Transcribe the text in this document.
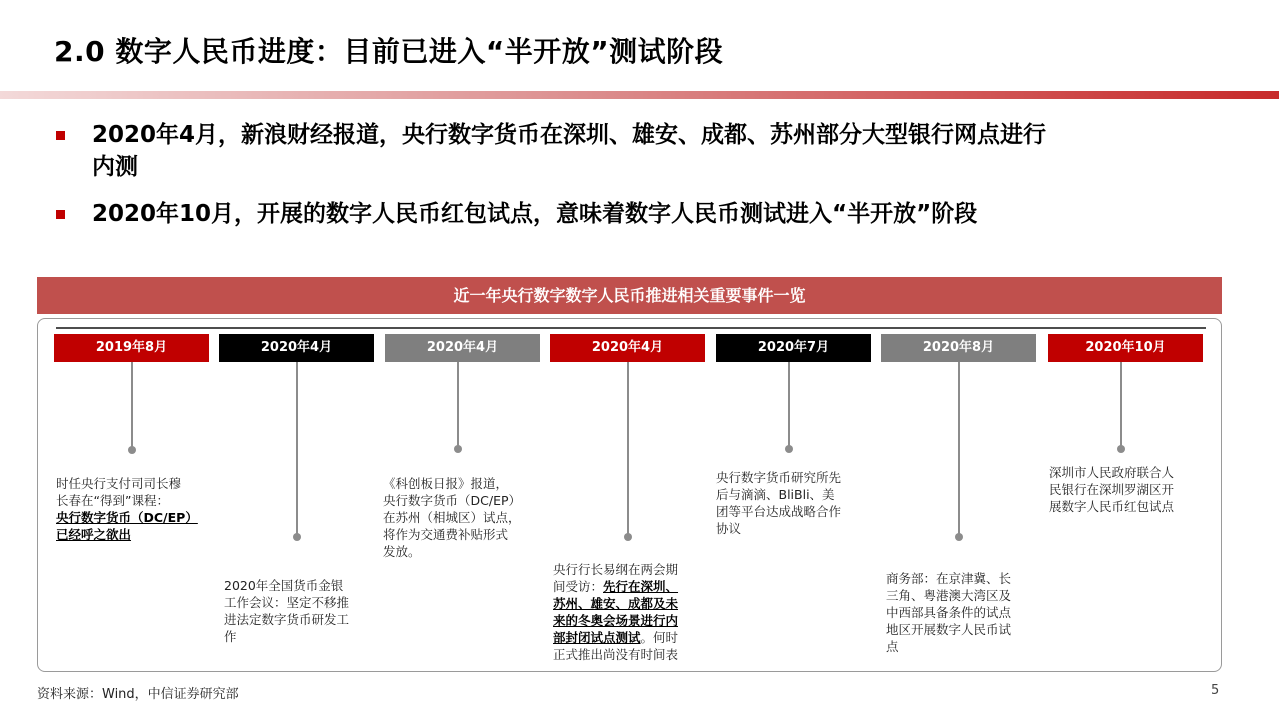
2.0 数字人民币进度：目前已进入“半开放”测试阶段
2020年4月，新浪财经报道，央行数字货币在深圳、雄安、成都、苏州部分大型银行网点进行
内测
2020年10月，开展的数字人民币红包试点，意味着数字人民币测试进入“半开放”阶段
近一年央行数字数字人民币推进相关重要事件一览
2019年8月
时任央行支付司司长穆
长春在“得到”课程：
央行数字货币（DC/EP）
已经呼之欲出
2020年4月
2020年全国货币金银
工作会议：坚定不移推
进法定数字货币研发工
作
2020年4月
《科创板日报》报道，
央行数字货币（DC/EP）
在苏州（相城区）试点，
将作为交通费补贴形式
发放。
2020年4月
央行行长易纲在两会期
间受访：先行在深圳、
苏州、雄安、成都及未
来的冬奥会场景进行内
部封闭试点测试。何时
正式推出尚没有时间表
2020年7月
央行数字货币研究所先
后与滴滴、BliBli、美
团等平台达成战略合作
协议
2020年8月
商务部：在京津冀、长
三角、粤港澳大湾区及
中西部具备条件的试点
地区开展数字人民币试
点
2020年10月
深圳市人民政府联合人
民银行在深圳罗湖区开
展数字人民币红包试点
资料来源：Wind，中信证券研究部	5
